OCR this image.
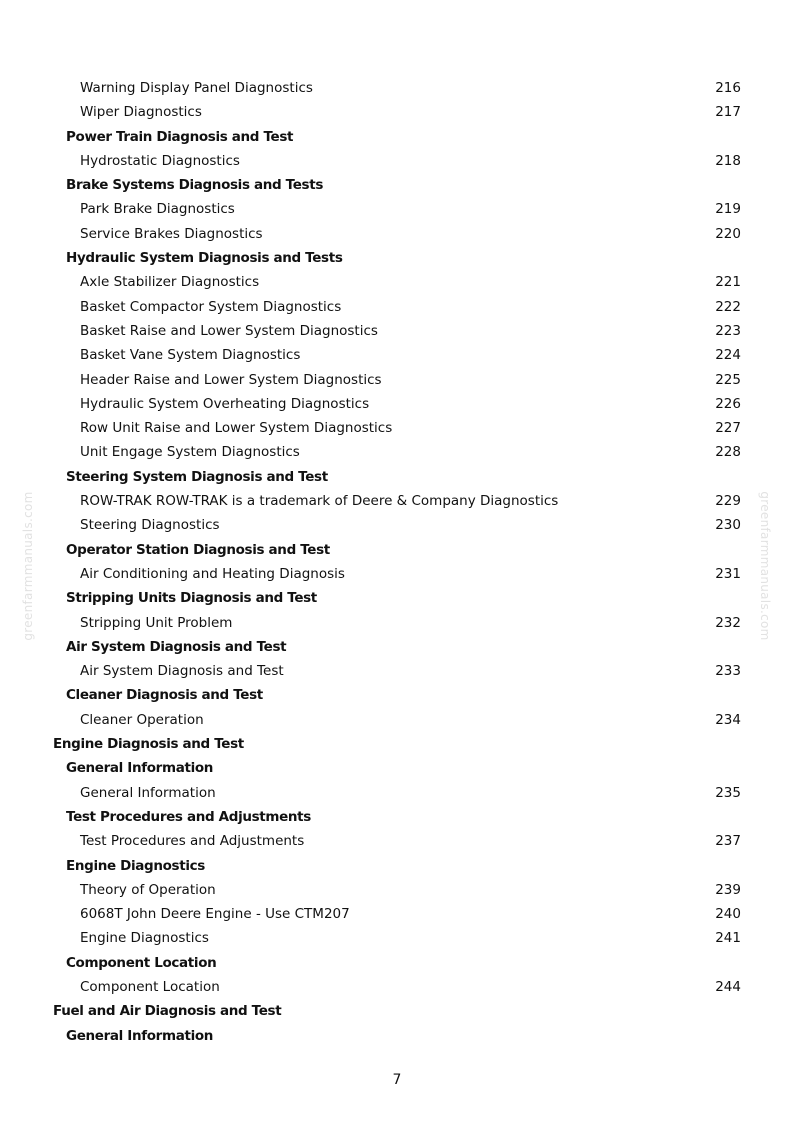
Warning Display Panel Diagnostics	216
Wiper Diagnostics	217
Power Train Diagnosis and Test
Hydrostatic Diagnostics	218
Brake Systems Diagnosis and Tests
Park Brake Diagnostics	219
Service Brakes Diagnostics	220
Hydraulic System Diagnosis and Tests
Axle Stabilizer Diagnostics	221
Basket Compactor System Diagnostics	222
Basket Raise and Lower System Diagnostics	223
Basket Vane System Diagnostics	224
Header Raise and Lower System Diagnostics	225
Hydraulic System Overheating Diagnostics	226
Row Unit Raise and Lower System Diagnostics	227
Unit Engage System Diagnostics	228
Steering System Diagnosis and Test
ROW-TRAK ROW-TRAK is a trademark of Deere & Company Diagnostics	229
Steering Diagnostics	230
Operator Station Diagnosis and Test
Air Conditioning and Heating Diagnosis	231
Stripping Units Diagnosis and Test
Stripping Unit Problem	232
Air System Diagnosis and Test
Air System Diagnosis and Test	233
Cleaner Diagnosis and Test
Cleaner Operation	234
Engine Diagnosis and Test
General Information
General Information	235
Test Procedures and Adjustments
Test Procedures and Adjustments	237
Engine Diagnostics
Theory of Operation	239
6068T John Deere Engine - Use CTM207	240
Engine Diagnostics	241
Component Location
Component Location	244
Fuel and Air Diagnosis and Test
General Information
7
greenfarmmanuals.com	greenfarmmanuals.com
